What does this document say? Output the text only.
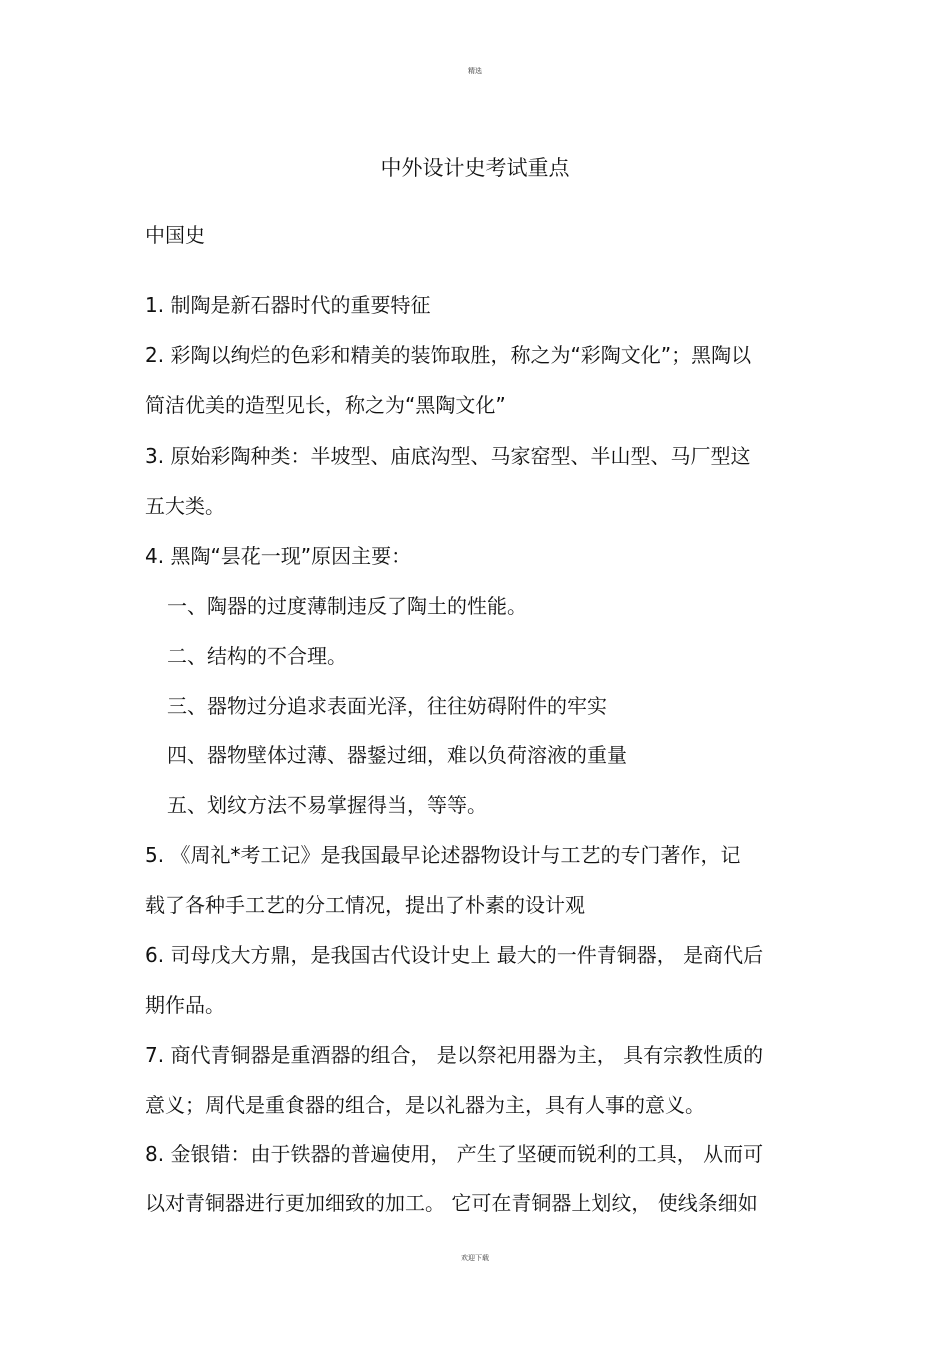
精选
中外设计史考试重点
中国史
1. 制陶是新石器时代的重要特征
2. 彩陶以绚烂的色彩和精美的装饰取胜，称之为“彩陶文化”；黑陶以
简洁优美的造型见长，称之为“黑陶文化”
3. 原始彩陶种类：半坡型、庙底沟型、马家窑型、半山型、马厂型这
五大类。
4. 黑陶“昙花一现”原因主要：
一、陶器的过度薄制违反了陶土的性能。
二、结构的不合理。
三、器物过分追求表面光泽，往往妨碍附件的牢实
四、器物壁体过薄、器鋬过细，难以负荷溶液的重量
五、划纹方法不易掌握得当，等等。
5. 《周礼*考工记》是我国最早论述器物设计与工艺的专门著作，记
载了各种手工艺的分工情况，提出了朴素的设计观
6. 司母戊大方鼎，是我国古代设计史上 最大的一件青铜器， 是商代后
期作品。
7. 商代青铜器是重酒器的组合， 是以祭祀用器为主， 具有宗教性质的
意义；周代是重食器的组合，是以礼器为主，具有人事的意义。
8. 金银错：由于铁器的普遍使用， 产生了坚硬而锐利的工具， 从而可
以对青铜器进行更加细致的加工。 它可在青铜器上划纹， 使线条细如
欢迎下载
